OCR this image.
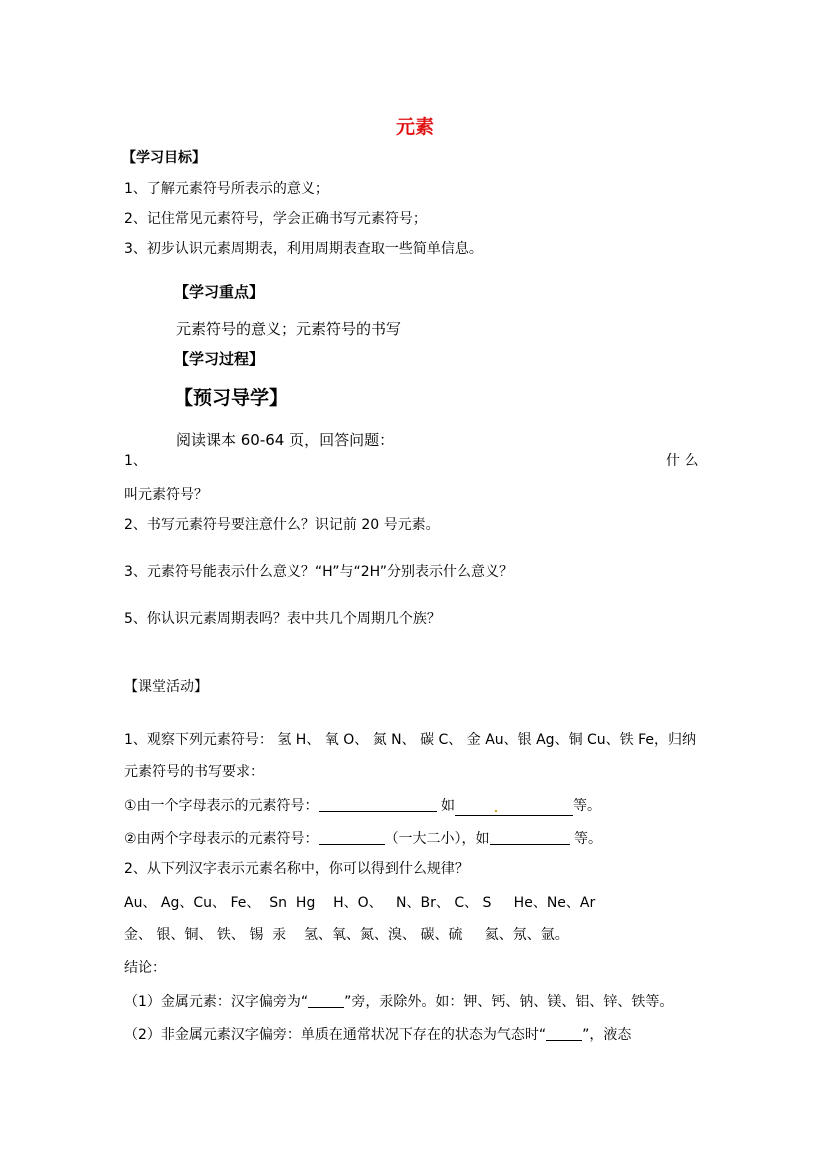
元素
【学习目标】
1、了解元素符号所表示的意义；
2、记住常见元素符号，学会正确书写元素符号；
3、初步认识元素周期表，利用周期表查取一些简单信息。
【学习重点】
元素符号的意义；元素符号的书写
【学习过程】
【预习导学】
阅读课本 60-64 页，回答问题：
1、	什 么
叫元素符号？
2、书写元素符号要注意什么？识记前 20 号元素。
3、元素符号能表示什么意义？“H”与“2H”分别表示什么意义？
5、你认识元素周期表吗？表中共几个周期几个族？
【课堂活动】
1、观察下列元素符号： 氢 H、 氧 O、 氮 N、 碳 C、 金 Au、银 Ag、铜 Cu、铁 Fe，归纳
元素符号的书写要求：
①由一个字母表示的元素符号：	如	等。
②由两个字母表示的元素符号：	（一大二小），如	等。
2、从下列汉字表示元素名称中，你可以得到什么规律？
Au、 Ag、Cu、 Fe、  Sn  Hg    H、O、   N、Br、 C、 S     He、Ne、Ar
金、 银、铜、 铁、 锡  汞    氢、氧、氮、溴、 碳、硫     氦、氖、氩。
结论：
（1）金属元素：汉字偏旁为“	”旁，汞除外。如：钾、钙、钠、镁、铝、锌、铁等。
（2）非金属元素汉字偏旁：单质在通常状况下存在的状态为气态时“	”，液态
